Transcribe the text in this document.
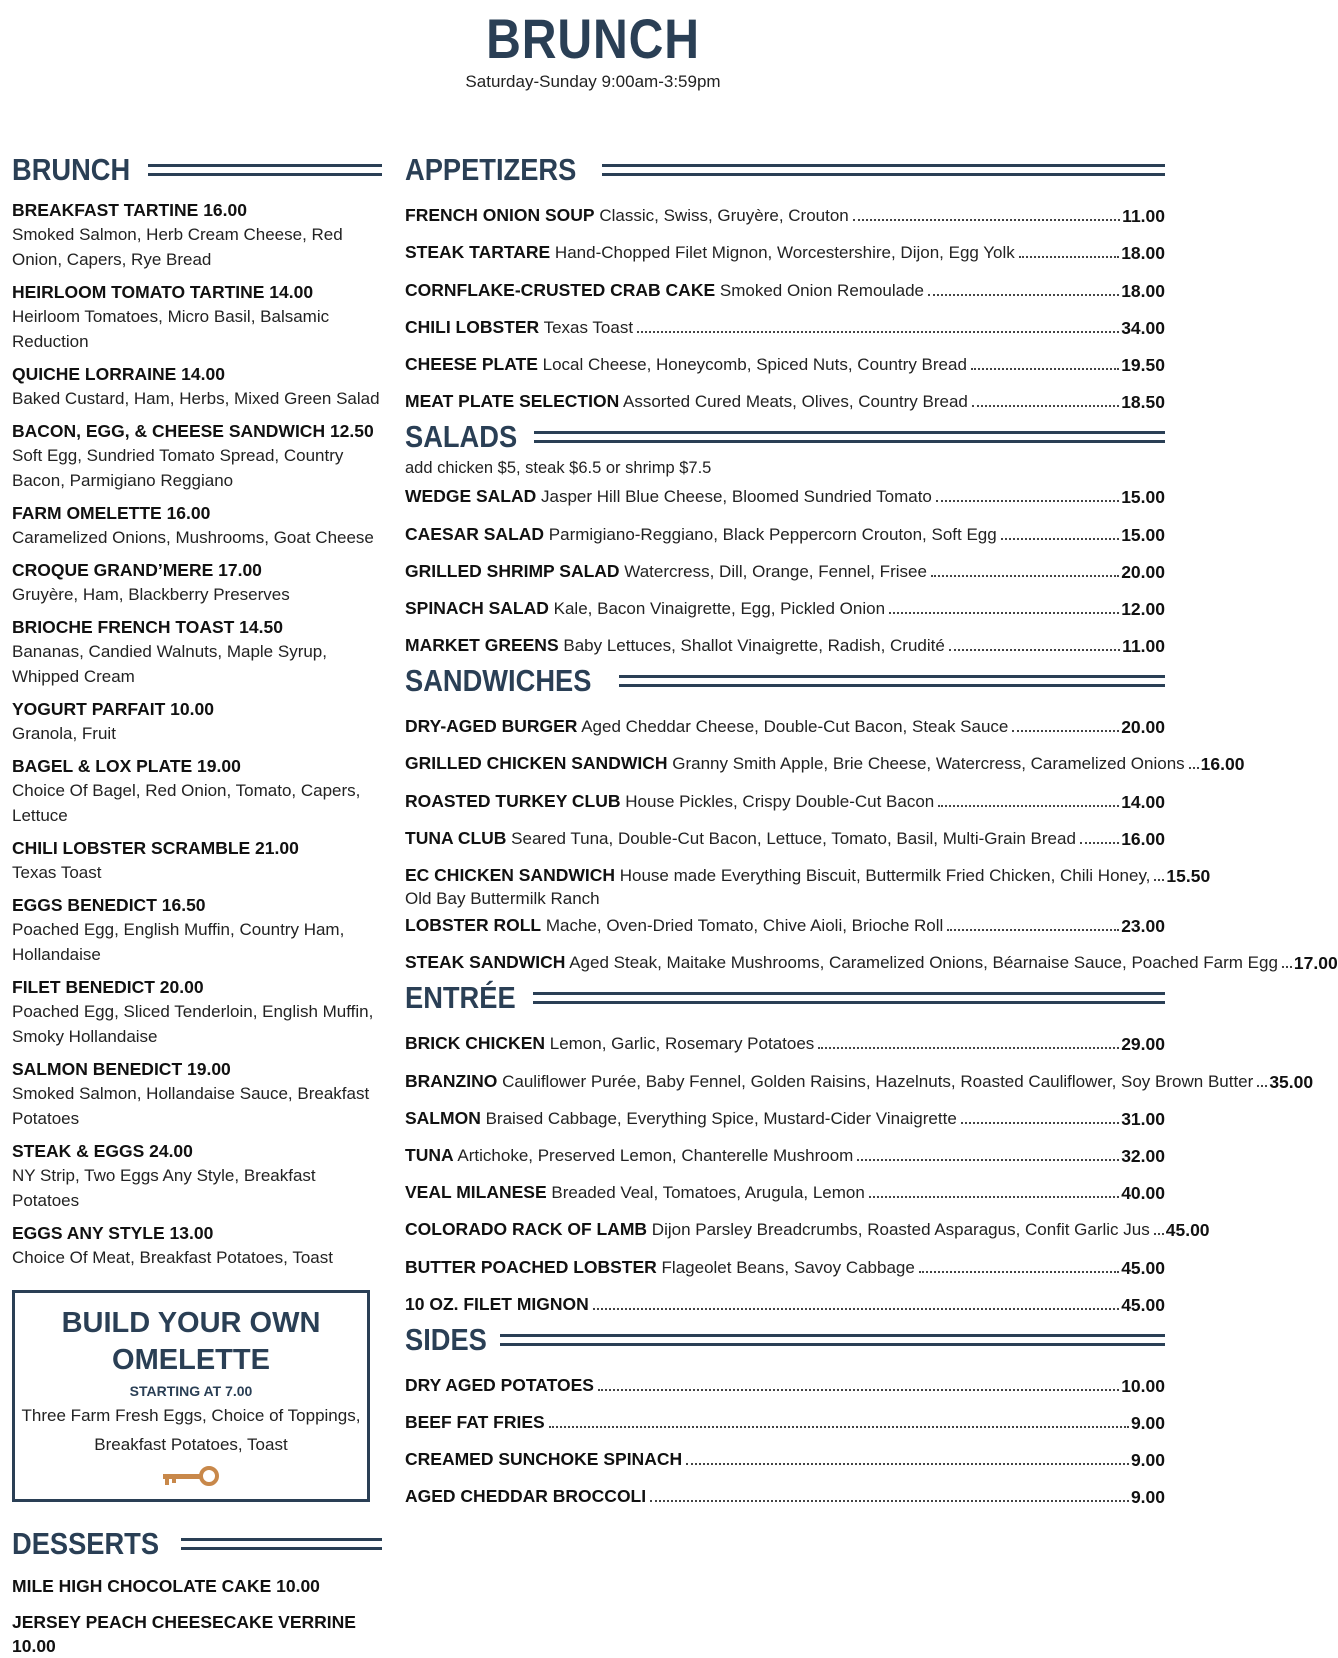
BRUNCH
Saturday-Sunday 9:00am-3:59pm
BRUNCH
BREAKFAST TARTINE 16.00
Smoked Salmon, Herb Cream Cheese, Red Onion, Capers, Rye Bread
HEIRLOOM TOMATO TARTINE 14.00
Heirloom Tomatoes, Micro Basil, Balsamic Reduction
QUICHE LORRAINE 14.00
Baked Custard, Ham, Herbs, Mixed Green Salad
BACON, EGG, & CHEESE SANDWICH 12.50
Soft Egg, Sundried Tomato Spread, Country Bacon, Parmigiano Reggiano
FARM OMELETTE 16.00
Caramelized Onions, Mushrooms, Goat Cheese
CROQUE GRAND’MERE 17.00
Gruyère, Ham, Blackberry Preserves
BRIOCHE FRENCH TOAST 14.50
Bananas, Candied Walnuts, Maple Syrup, Whipped Cream
YOGURT PARFAIT 10.00
Granola, Fruit
BAGEL & LOX PLATE 19.00
Choice Of Bagel, Red Onion, Tomato, Capers, Lettuce
CHILI LOBSTER SCRAMBLE 21.00
Texas Toast
EGGS BENEDICT 16.50
Poached Egg, English Muffin, Country Ham, Hollandaise
FILET BENEDICT 20.00
Poached Egg, Sliced Tenderloin, English Muffin, Smoky Hollandaise
SALMON BENEDICT 19.00
Smoked Salmon, Hollandaise Sauce, Breakfast Potatoes
STEAK & EGGS 24.00
NY Strip, Two Eggs Any Style, Breakfast Potatoes
EGGS ANY STYLE 13.00
Choice Of Meat, Breakfast Potatoes, Toast
BUILD YOUR OWN
OMELETTE
STARTING AT 7.00
Three Farm Fresh Eggs, Choice of Toppings,
Breakfast Potatoes, Toast
DESSERTS
MILE HIGH CHOCOLATE CAKE 10.00
JERSEY PEACH CHEESECAKE VERRINE 10.00
APPETIZERS
FRENCH ONION SOUP Classic, Swiss, Gruyère, Crouton	11.00
STEAK TARTARE Hand-Chopped Filet Mignon, Worcestershire, Dijon, Egg Yolk	18.00
CORNFLAKE-CRUSTED CRAB CAKE Smoked Onion Remoulade	18.00
CHILI LOBSTER Texas Toast	34.00
CHEESE PLATE Local Cheese, Honeycomb, Spiced Nuts, Country Bread	19.50
MEAT PLATE SELECTION Assorted Cured Meats, Olives, Country Bread	18.50
SALADS
add chicken $5, steak $6.5 or shrimp $7.5
WEDGE SALAD Jasper Hill Blue Cheese, Bloomed Sundried Tomato	15.00
CAESAR SALAD Parmigiano-Reggiano, Black Peppercorn Crouton, Soft Egg	15.00
GRILLED SHRIMP SALAD Watercress, Dill, Orange, Fennel, Frisee	20.00
SPINACH SALAD Kale, Bacon Vinaigrette, Egg, Pickled Onion	12.00
MARKET GREENS Baby Lettuces, Shallot Vinaigrette, Radish, Crudité	11.00
SANDWICHES
DRY-AGED BURGER Aged Cheddar Cheese, Double-Cut Bacon, Steak Sauce	20.00
GRILLED CHICKEN SANDWICH Granny Smith Apple, Brie Cheese, Watercress, Caramelized Onions 16.00
ROASTED TURKEY CLUB House Pickles, Crispy Double-Cut Bacon	14.00
TUNA CLUB Seared Tuna, Double-Cut Bacon, Lettuce, Tomato, Basil, Multi-Grain Bread	16.00
EC CHICKEN SANDWICH House made Everything Biscuit, Buttermilk Fried Chicken, Chili Honey, 15.50
Old Bay Buttermilk Ranch
LOBSTER ROLL Mache, Oven-Dried Tomato, Chive Aioli, Brioche Roll	23.00
STEAK SANDWICH Aged Steak, Maitake Mushrooms, Caramelized Onions, Béarnaise Sauce, Poached Farm Egg 17.00
ENTRÉE
BRICK CHICKEN Lemon, Garlic, Rosemary Potatoes	29.00
BRANZINO Cauliflower Purée, Baby Fennel, Golden Raisins, Hazelnuts, Roasted Cauliflower, Soy Brown Butter 35.00
SALMON Braised Cabbage, Everything Spice, Mustard-Cider Vinaigrette	31.00
TUNA Artichoke, Preserved Lemon, Chanterelle Mushroom	32.00
VEAL MILANESE Breaded Veal, Tomatoes, Arugula, Lemon	40.00
COLORADO RACK OF LAMB Dijon Parsley Breadcrumbs, Roasted Asparagus, Confit Garlic Jus 45.00
BUTTER POACHED LOBSTER Flageolet Beans, Savoy Cabbage	45.00
10 OZ. FILET MIGNON	45.00
SIDES
DRY AGED POTATOES	10.00
BEEF FAT FRIES	9.00
CREAMED SUNCHOKE SPINACH	9.00
AGED CHEDDAR BROCCOLI	9.00
